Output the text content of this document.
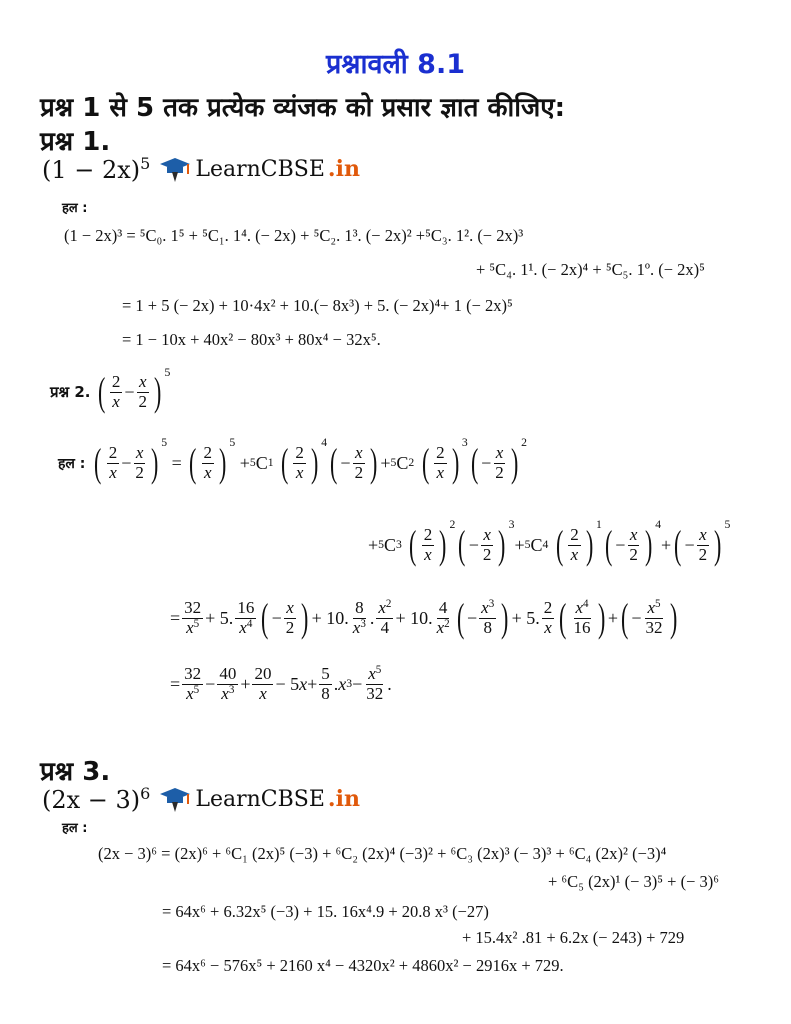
प्रश्नावली 8.1
प्रश्न 1 से 5 तक प्रत्येक व्यंजक को प्रसार ज्ञात कीजिए:
प्रश्न 1.
$(1 - 2x)^5$ LearnCBSE .in
हल :
(1 − 2x)³ = ⁵C₀. 1⁵ + ⁵C₁. 1⁴. (− 2x) + ⁵C₂. 1³. (− 2x)² +⁵C₃. 1². (− 2x)³
+ ⁵C₄. 1¹. (− 2x)⁴ + ⁵C₅. 1º. (− 2x)⁵
= 1 + 5 (− 2x) + 10·4x² + 10.(− 8x³) + 5. (− 2x)⁴+ 1 (− 2x)⁵
= 1 − 10x + 40x² − 80x³ + 80x⁴ − 32x⁵.
प्रश्न 2. ( $\frac{2}{x} - \frac{x}{2}$ ) 5
हल : ( $\frac{2}{x} - \frac{x}{2}$ ) 5
= ( $\frac{2}{x}$ ) 5
+ 5 C 1
( $\frac{2}{x}$ ) 4 ( − $\frac{x}{2}$ ) + 5 C 2
( $\frac{2}{x}$ ) 3 ( − $\frac{x}{2}$ ) 2
+ 5 C 3
( $\frac{2}{x}$ ) 2 ( − $\frac{x}{2}$ ) 3
+ 5 C 4
( $\frac{2}{x}$ ) 1 ( − $\frac{x}{2}$ ) 4
+ ( − $\frac{x}{2}$ ) 5
= $\frac{32}{x^5} + 5$. $\frac{16}{x^4}$ ( − $\frac{x}{2}$ ) + 10. $\frac{8}{x^3}$ . $\frac{x^2}{4} + 10$. $\frac{4}{x^2}$ ( − $\frac{x^3}{8}$ ) + 5. $\frac{2}{x}$ ( $\frac{x^4}{16}$ ) + ( − $\frac{x^5}{32}$ )
= $\frac{32}{x^5} - \frac{40}{x^3} + \frac{20}{x} - 5$ $x + \frac{5}{8}$ . x $3 - \frac{x^5}{32}$ .
प्रश्न 3.
$(2x - 3)^6$ LearnCBSE .in
हल :
(2x − 3)⁶ = (2x)⁶ + ⁶C₁ (2x)⁵ (−3) + ⁶C₂ (2x)⁴ (−3)² + ⁶C₃ (2x)³ (− 3)³ + ⁶C₄ (2x)² (−3)⁴
+ ⁶C₅ (2x)¹ (− 3)⁵ + (− 3)⁶
= 64x⁶ + 6.32x⁵ (−3) + 15. 16x⁴.9 + 20.8 x³ (−27)
+ 15.4x² .81 + 6.2x (− 243) + 729
= 64x⁶ − 576x⁵ + 2160 x⁴ − 4320x² + 4860x² − 2916x + 729.
